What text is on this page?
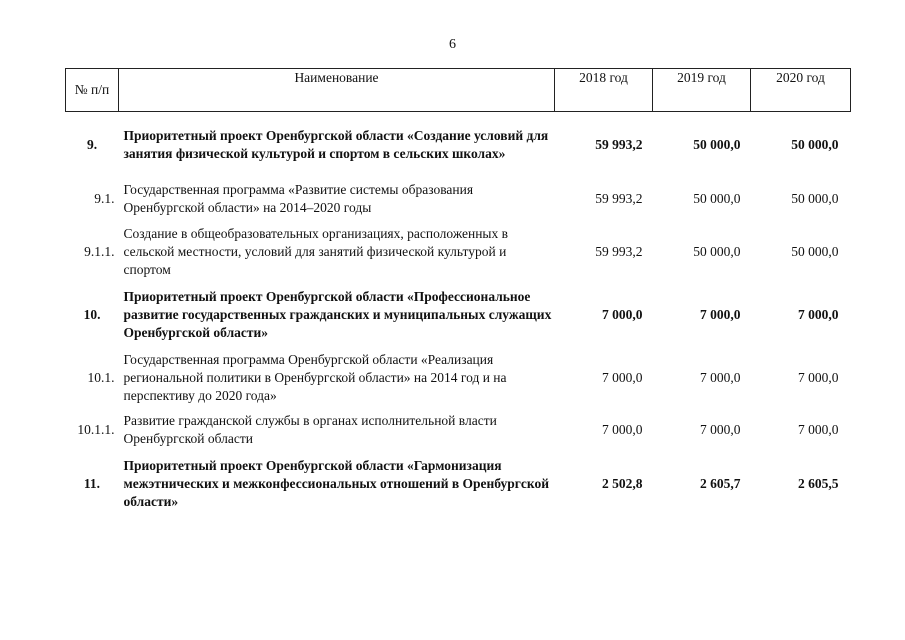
6
№ п/п	Наименование	2018 год	2019 год	2020 год
9.	Приоритетный проект Оренбургской области «Создание условий для занятия физической культурой и спортом в сельских школах»	59 993,2	50 000,0	50 000,0
9.1.	Государственная программа «Развитие системы образования Оренбургской области» на 2014–2020 годы	59 993,2	50 000,0	50 000,0
9.1.1.	Создание в общеобразовательных организациях, расположенных в сельской местности, условий для занятий физической культурой и спортом	59 993,2	50 000,0	50 000,0
10.	Приоритетный проект Оренбургской области «Профессиональное развитие государственных гражданских и муниципальных служащих Оренбургской области»	7 000,0	7 000,0	7 000,0
10.1.	Государственная программа Оренбургской области «Реализация региональной политики в Оренбургской области» на 2014 год и на перспективу до 2020 года»	7 000,0	7 000,0	7 000,0
10.1.1.	Развитие гражданской службы в органах исполнительной власти Оренбургской области	7 000,0	7 000,0	7 000,0
11.	Приоритетный проект Оренбургской области «Гармонизация межэтнических и межконфессиональных отношений в Оренбургской области»	2 502,8	2 605,7	2 605,5
